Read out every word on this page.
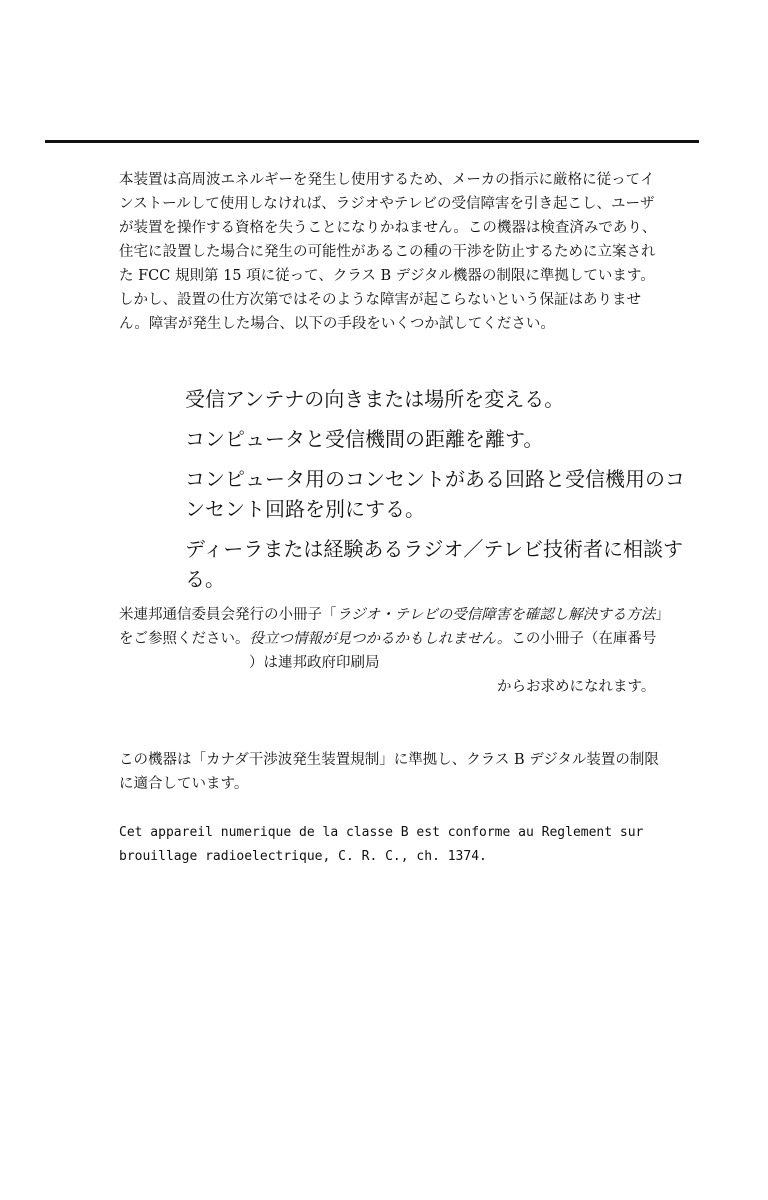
本装置は高周波エネルギーを発生し使用するため、メーカの指示に厳格に従ってインストールして使用しなければ、ラジオやテレビの受信障害を引き起こし、ユーザが装置を操作する資格を失うことになりかねません。この機器は検査済みであり、住宅に設置した場合に発生の可能性があるこの種の干渉を防止するために立案された FCC 規則第 15 項に従って、クラス B デジタル機器の制限に準拠しています。しかし、設置の仕方次第ではそのような障害が起こらないという保証はありません。障害が発生した場合、以下の手段をいくつか試してください。

受信アンテナの向きまたは場所を変える。
コンピュータと受信機間の距離を離す。
コンピュータ用のコンセントがある回路と受信機用のコンセント回路を別にする。
ディーラまたは経験あるラジオ／テレビ技術者に相談する。

米連邦通信委員会発行の小冊子「ラジオ・テレビの受信障害を確認し解決する方法」をご参照ください。役立つ情報が見つかるかもしれません。この小冊子（在庫番号）は連邦政府印刷局からお求めになれます。

この機器は「カナダ干渉波発生装置規制」に準拠し、クラス B デジタル装置の制限に適合しています。

Cet appareil numerique de la classe B est conforme au Reglement sur brouillage radioelectrique, C. R. C., ch. 1374.
